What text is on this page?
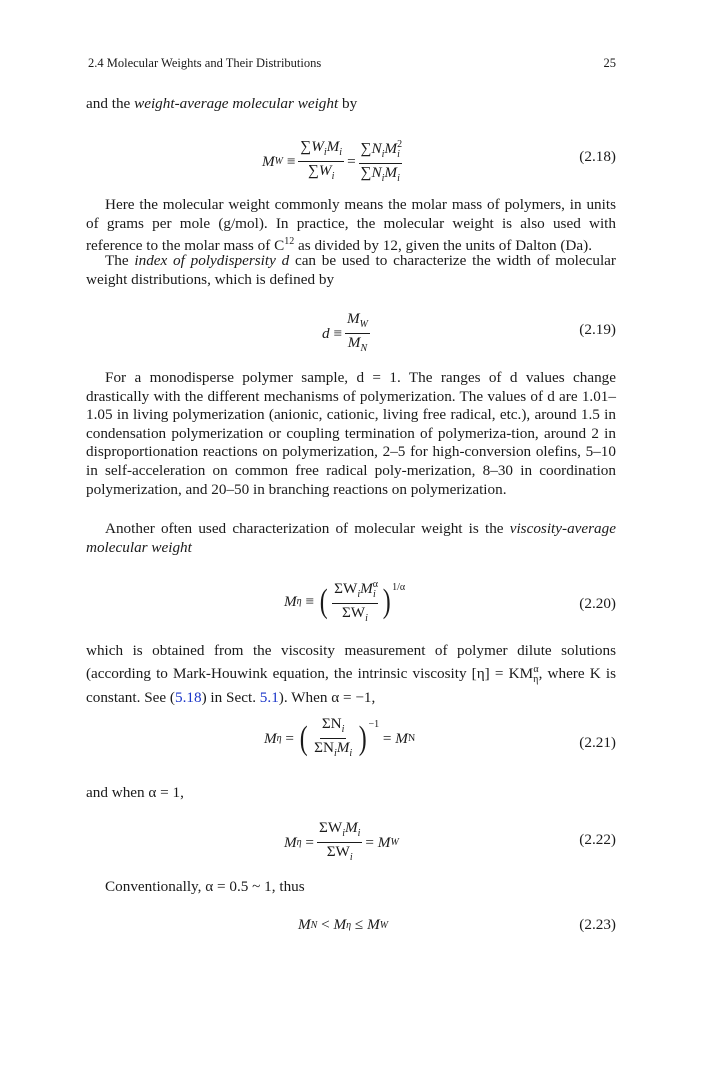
2.4 Molecular Weights and Their Distributions	25

and the weight-average molecular weight by

M W
≡ $\frac{\sum W_iM_i}{\sum W_i} = \frac{\sum N_iM^2_i}{\sum N_iM_i}$	(2.18)

Here the molecular weight commonly means the molar mass of polymers, in units of grams per mole (g/mol). In practice, the molecular weight is also used with reference to the molar mass of $C^{12}$ as divided by 12, given the units of Dalton (Da).

The index of polydispersity d can be used to characterize the width of molecular weight distributions, which is defined by

d
≡ $\frac{M_W}{M_N}$	(2.19)

For a monodisperse polymer sample, d = 1. The ranges of d values change drastically with the different mechanisms of polymerization. The values of d are 1.01–1.05 in living polymerization (anionic, cationic, living free radical, etc.), around 1.5 in condensation polymerization or coupling termination of polymeriza-tion, around 2 in disproportionation reactions on polymerization, 2–5 for high-conversion olefins, 5–10 in self-acceleration on common free radical poly-merization, 8–30 in coordination polymerization, and 20–50 in branching reactions on polymerization.

Another often used characterization of molecular weight is the viscosity-average molecular weight

M η
≡
( $\frac{\Sigma W_iM^\alpha_i}{\Sigma W_i} )^{1/\alpha}$
(2.20)

which is obtained from the viscosity measurement of polymer dilute solutions (according to Mark-Houwink equation, the intrinsic viscosity $[\eta] = KM_\eta^\alpha$, where K is constant. See (5.18) in Sect. 5.1). When α = −1,

M η
=
( $\frac{\Sigma N_i}{\Sigma N_iM_i} )^{-1}$

=
M N	(2.21)

and when α = 1,

M η
= $\frac{\Sigma W_iM_i}{\Sigma W_i}$ =
M W	(2.22)

Conventionally, α = 0.5 ~ 1, thus

M N
<
M η
≤
M W	(2.23)
